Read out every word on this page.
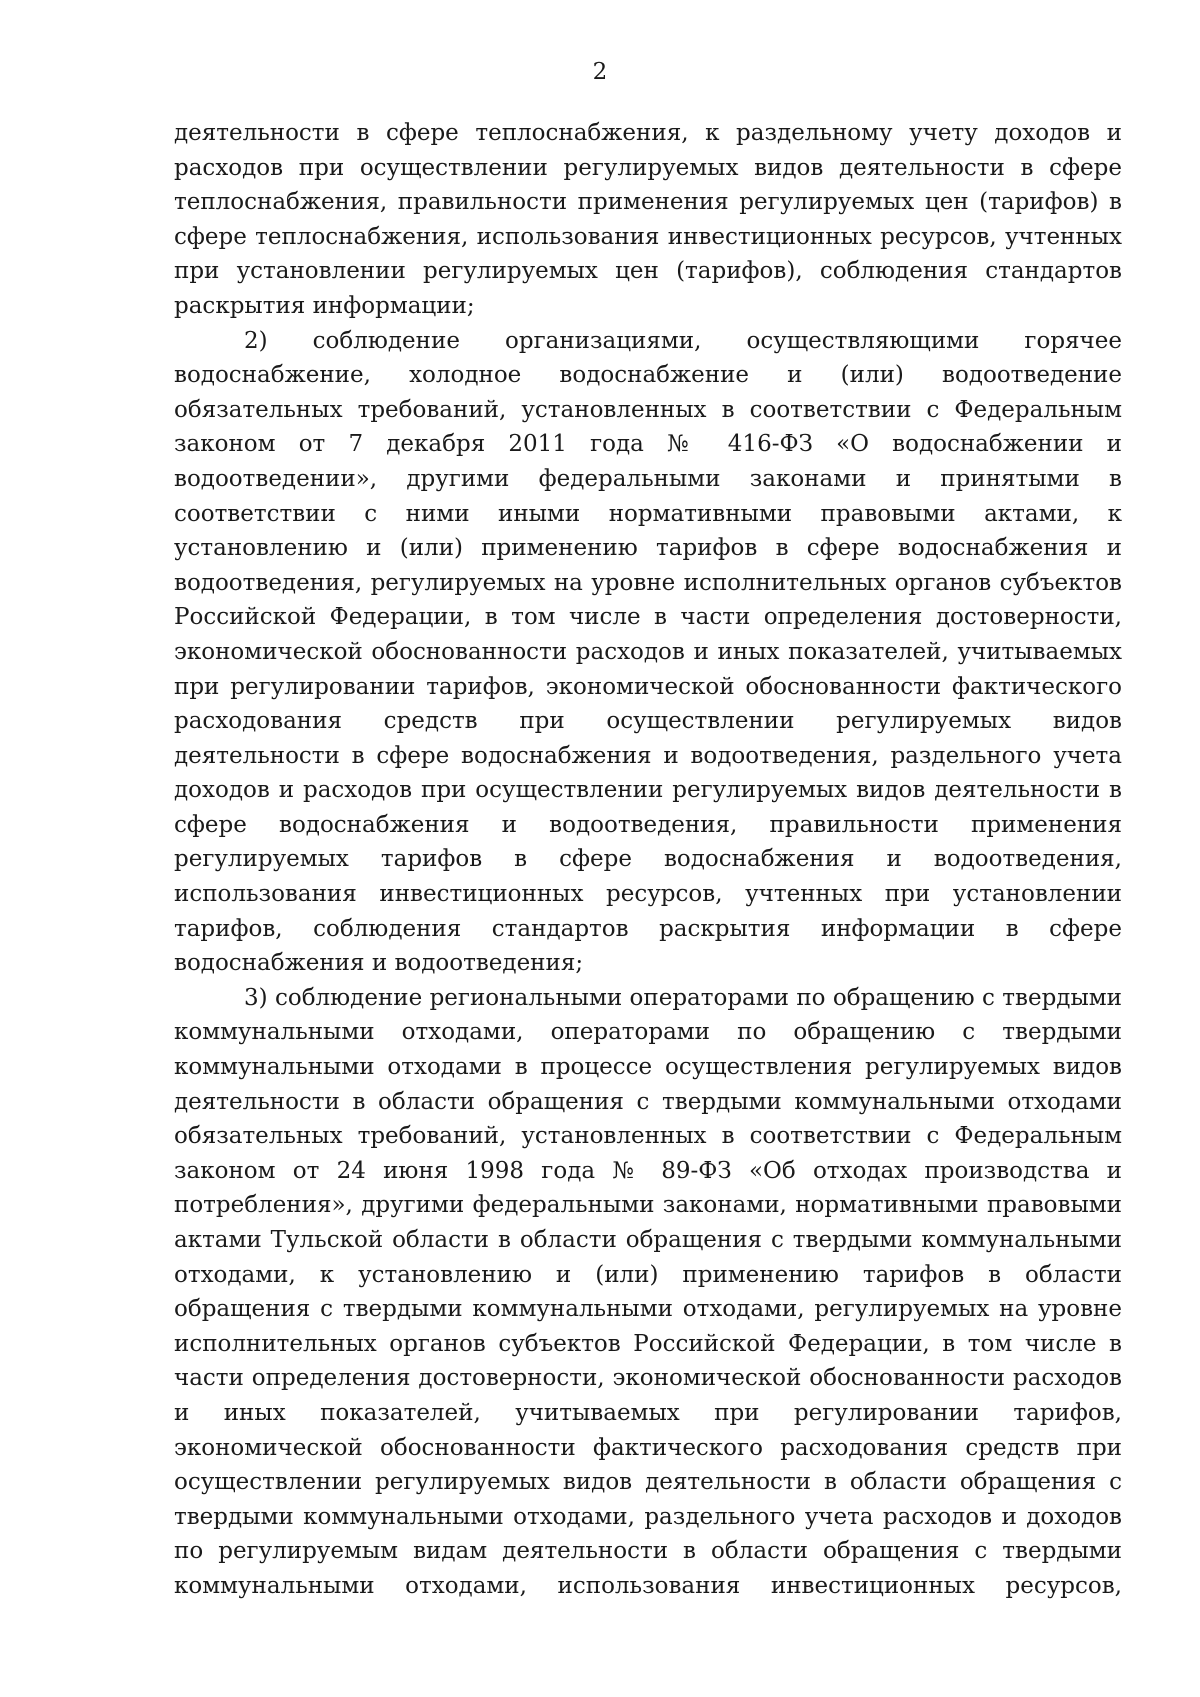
2

деятельности в сфере теплоснабжения, к раздельному учету доходов и расходов при осуществлении регулируемых видов деятельности в сфере теплоснабжения, правильности применения регулируемых цен (тарифов) в сфере теплоснабжения, использования инвестиционных ресурсов, учтенных при установлении регулируемых цен (тарифов), соблюдения стандартов раскрытия информации;

2) соблюдение организациями, осуществляющими горячее водоснабжение, холодное водоснабжение и (или) водоотведение обязательных требований, установленных в соответствии с Федеральным законом от 7 декабря 2011 года № 416-ФЗ «О водоснабжении и водоотведении», другими федеральными законами и принятыми в соответствии с ними иными нормативными правовыми актами, к установлению и (или) применению тарифов в сфере водоснабжения и водоотведения, регулируемых на уровне исполнительных органов субъектов Российской Федерации, в том числе в части определения достоверности, экономической обоснованности расходов и иных показателей, учитываемых при регулировании тарифов, экономической обоснованности фактического расходования средств при осуществлении регулируемых видов деятельности в сфере водоснабжения и водоотведения, раздельного учета доходов и расходов при осуществлении регулируемых видов деятельности в сфере водоснабжения и водоотведения, правильности применения регулируемых тарифов в сфере водоснабжения и водоотведения, использования инвестиционных ресурсов, учтенных при установлении тарифов, соблюдения стандартов раскрытия информации в сфере водоснабжения и водоотведения;

3) соблюдение региональными операторами по обращению с твердыми коммунальными отходами, операторами по обращению с твердыми коммунальными отходами в процессе осуществления регулируемых видов деятельности в области обращения с твердыми коммунальными отходами обязательных требований, установленных в соответствии с Федеральным законом от 24 июня 1998 года № 89-ФЗ «Об отходах производства и потребления», другими федеральными законами, нормативными правовыми актами Тульской области в области обращения с твердыми коммунальными отходами, к установлению и (или) применению тарифов в области обращения с твердыми коммунальными отходами, регулируемых на уровне исполнительных органов субъектов Российской Федерации, в том числе в части определения достоверности, экономической обоснованности расходов и иных показателей, учитываемых при регулировании тарифов, экономической обоснованности фактического расходования средств при осуществлении регулируемых видов деятельности в области обращения с твердыми коммунальными отходами, раздельного учета расходов и доходов по регулируемым видам деятельности в области обращения с твердыми коммунальными отходами, использования инвестиционных ресурсов,
